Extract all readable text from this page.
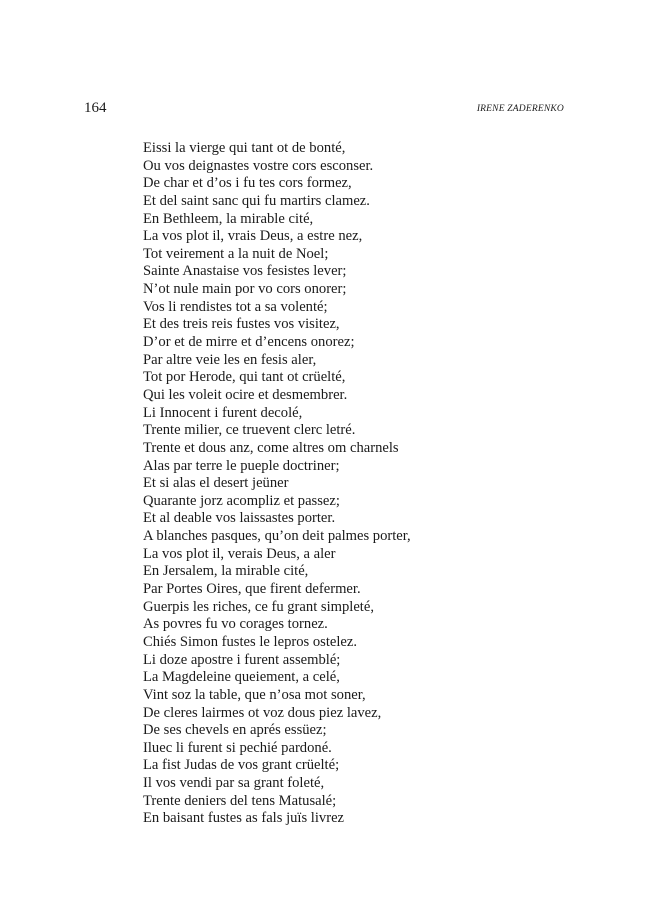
164	IRENE ZADERENKO
Eissi la vierge qui tant ot de bonté,
Ou vos deignastes vostre cors esconser.
De char et d’os i fu tes cors formez,
Et del saint sanc qui fu martirs clamez.
En Bethleem, la mirable cité,
La vos plot il, vrais Deus, a estre nez,
Tot veirement a la nuit de Noel;
Sainte Anastaise vos fesistes lever;
N’ot nule main por vo cors onorer;
Vos li rendistes tot a sa volenté;
Et des treis reis fustes vos visitez,
D’or et de mirre et d’encens onorez;
Par altre veie les en fesis aler,
Tot por Herode, qui tant ot crüelté,
Qui les voleit ocire et desmembrer.
Li Innocent i furent decolé,
Trente milier, ce truevent clerc letré.
Trente et dous anz, come altres om charnels
Alas par terre le pueple doctriner;
Et si alas el desert jeüner
Quarante jorz acompliz et passez;
Et al deable vos laissastes porter.
A blanches pasques, qu’on deit palmes porter,
La vos plot il, verais Deus, a aler
En Jersalem, la mirable cité,
Par Portes Oires, que firent defermer.
Guerpis les riches, ce fu grant simpleté,
As povres fu vo corages tornez.
Chiés Simon fustes le lepros ostelez.
Li doze apostre i furent assemblé;
La Magdeleine queiement, a celé,
Vint soz la table, que n’osa mot soner,
De cleres lairmes ot voz dous piez lavez,
De ses chevels en aprés essüez;
Iluec li furent si pechié pardoné.
La fist Judas de vos grant crüelté;
Il vos vendi par sa grant foleté,
Trente deniers del tens Matusalé;
En baisant fustes as fals juïs livrez
